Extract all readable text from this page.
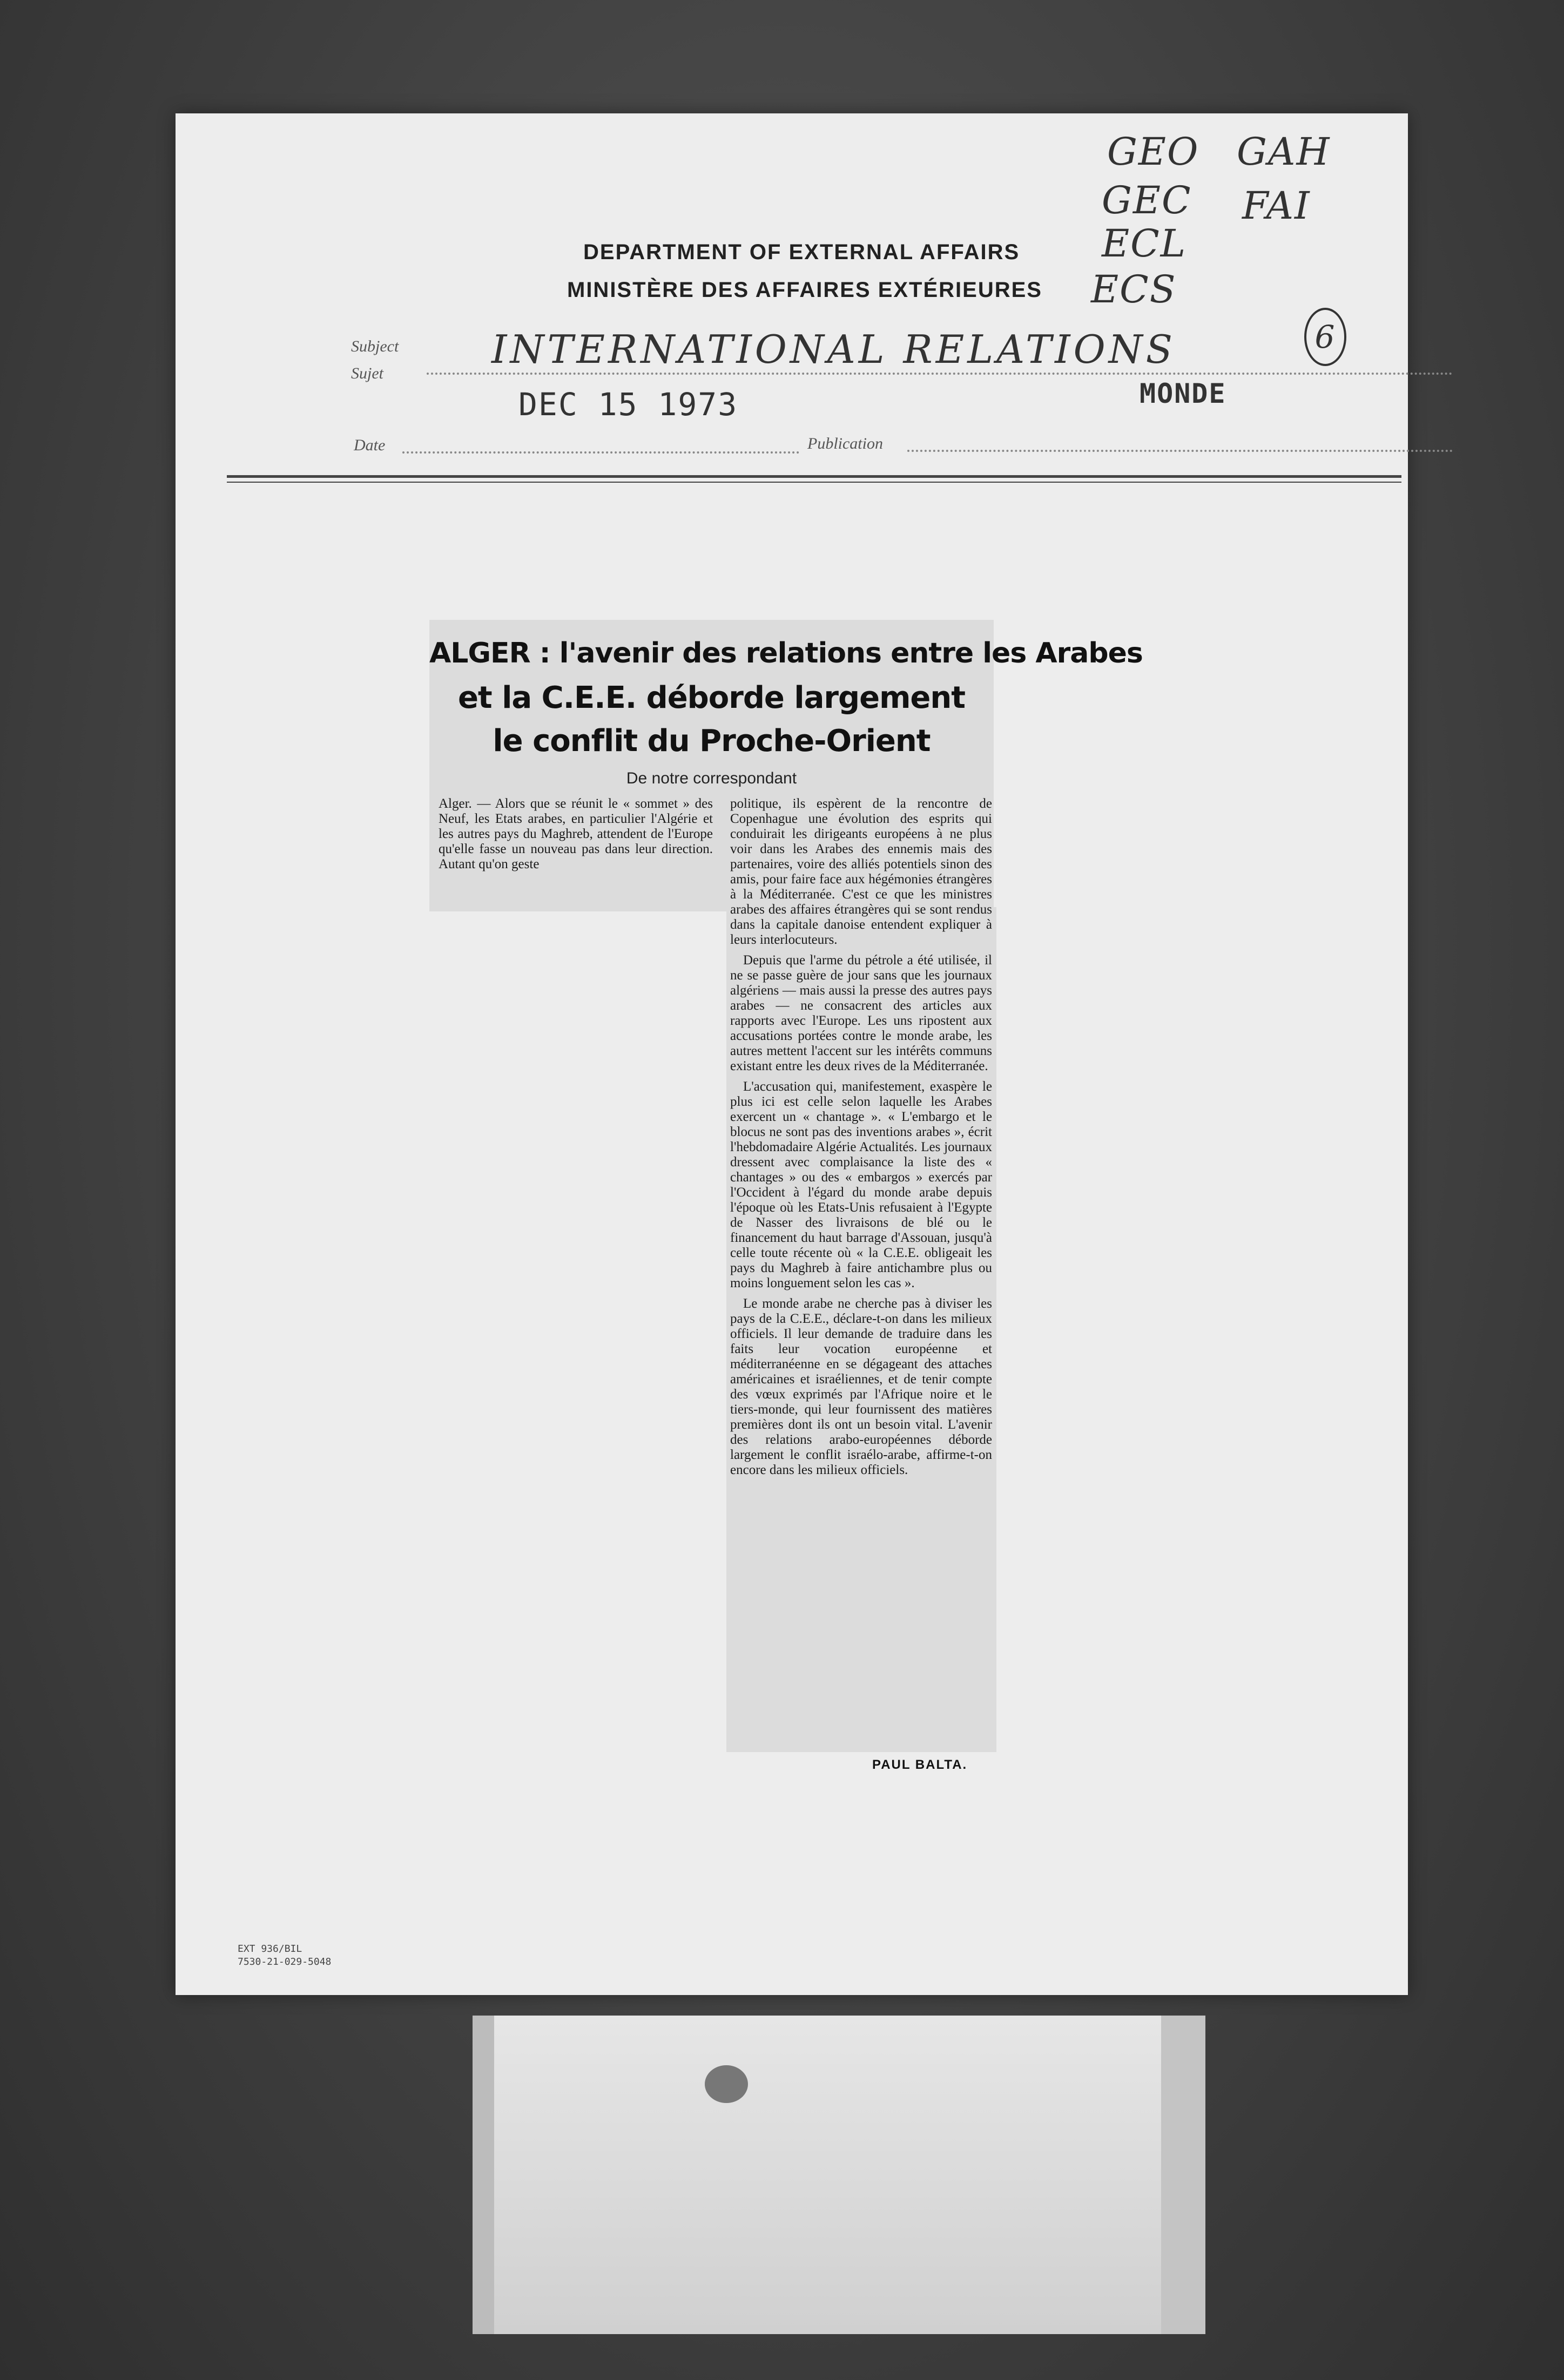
GEO GAH
GEC FAI
ECL
ECS
6
DEPARTMENT OF EXTERNAL AFFAIRS
MINISTÈRE DES AFFAIRES EXTÉRIEURES
Subject
Sujet
INTERNATIONAL RELATIONS
DEC 15 1973	MONDE
Date	Publication
ALGER : l'avenir des relations entre les Arabes
et la C.E.E. déborde largement
le conflit du Proche-Orient
De notre correspondant

Alger. — Alors que se réunit le « sommet » des Neuf, les Etats arabes, en particulier l'Algérie et les autres pays du Maghreb, attendent de l'Europe qu'elle fasse un nouveau pas dans leur direction. Autant qu'on geste

politique, ils espèrent de la rencontre de Copenhague une évolution des esprits qui conduirait les dirigeants européens à ne plus voir dans les Arabes des ennemis mais des partenaires, voire des alliés potentiels sinon des amis, pour faire face aux hégémonies étrangères à la Méditerranée. C'est ce que les ministres arabes des affaires étrangères qui se sont rendus dans la capitale danoise entendent expliquer à leurs interlocuteurs.

Depuis que l'arme du pétrole a été utilisée, il ne se passe guère de jour sans que les journaux algériens — mais aussi la presse des autres pays arabes — ne consacrent des articles aux rapports avec l'Europe. Les uns ripostent aux accusations portées contre le monde arabe, les autres mettent l'accent sur les intérêts communs existant entre les deux rives de la Méditerranée.

L'accusation qui, manifestement, exaspère le plus ici est celle selon laquelle les Arabes exercent un « chantage ». « L'embargo et le blocus ne sont pas des inventions arabes », écrit l'hebdomadaire Algérie Actualités. Les journaux dressent avec complaisance la liste des « chantages » ou des « embargos » exercés par l'Occident à l'égard du monde arabe depuis l'époque où les Etats-Unis refusaient à l'Egypte de Nasser des livraisons de blé ou le financement du haut barrage d'Assouan, jusqu'à celle toute récente où « la C.E.E. obligeait les pays du Maghreb à faire antichambre plus ou moins longuement selon les cas ».

Le monde arabe ne cherche pas à diviser les pays de la C.E.E., déclare-t-on dans les milieux officiels. Il leur demande de traduire dans les faits leur vocation européenne et méditerranéenne en se dégageant des attaches américaines et israéliennes, et de tenir compte des vœux exprimés par l'Afrique noire et le tiers-monde, qui leur fournissent des matières premières dont ils ont un besoin vital. L'avenir des relations arabo-européennes déborde largement le conflit israélo-arabe, affirme-t-on encore dans les milieux officiels.

PAUL BALTA.
EXT 936/BIL
7530-21-029-5048
